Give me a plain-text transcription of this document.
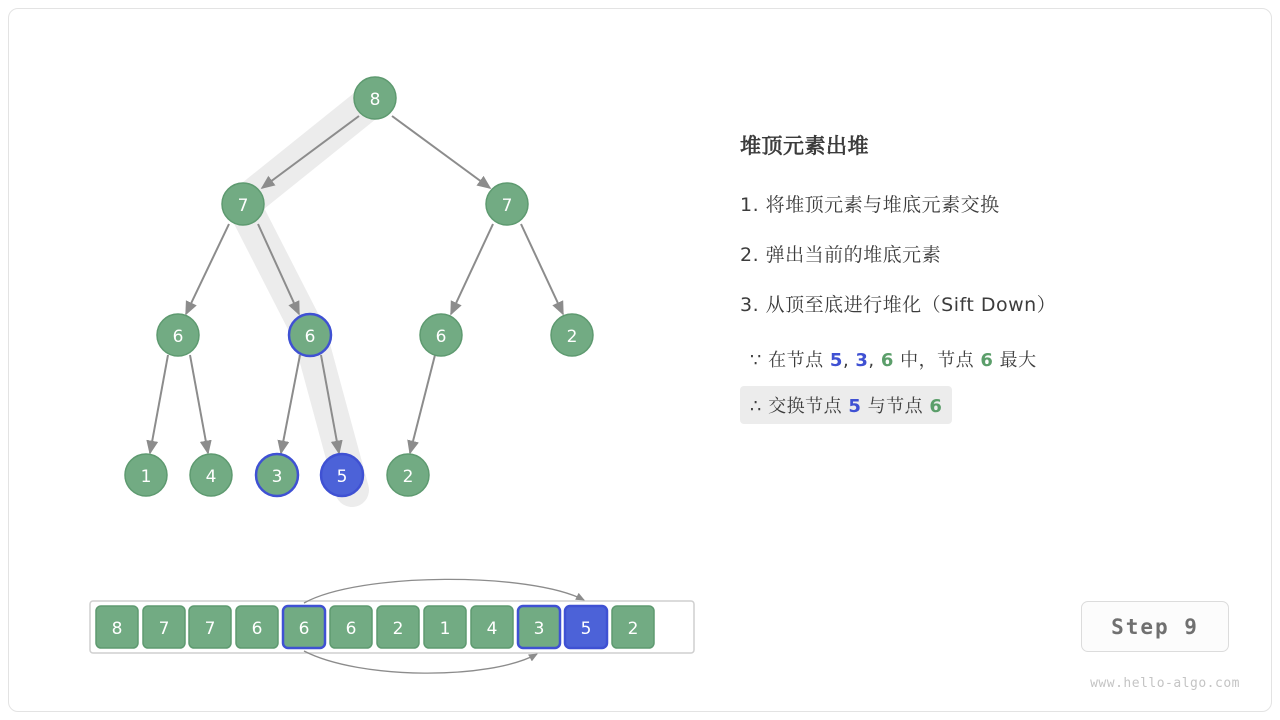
8
7	7
6	6	6	2
1	4	3	5	2
8 7 7 6 6 6 2 1 4 3 5 2
堆顶元素出堆
1. 将堆顶元素与堆底元素交换
2. 弹出当前的堆底元素
3. 从顶至底进行堆化（Sift Down）
∵ 在节点 5, 3, 6 中，节点 6 最大
∴ 交换节点 5 与节点 6
Step 9
www.hello-algo.com
